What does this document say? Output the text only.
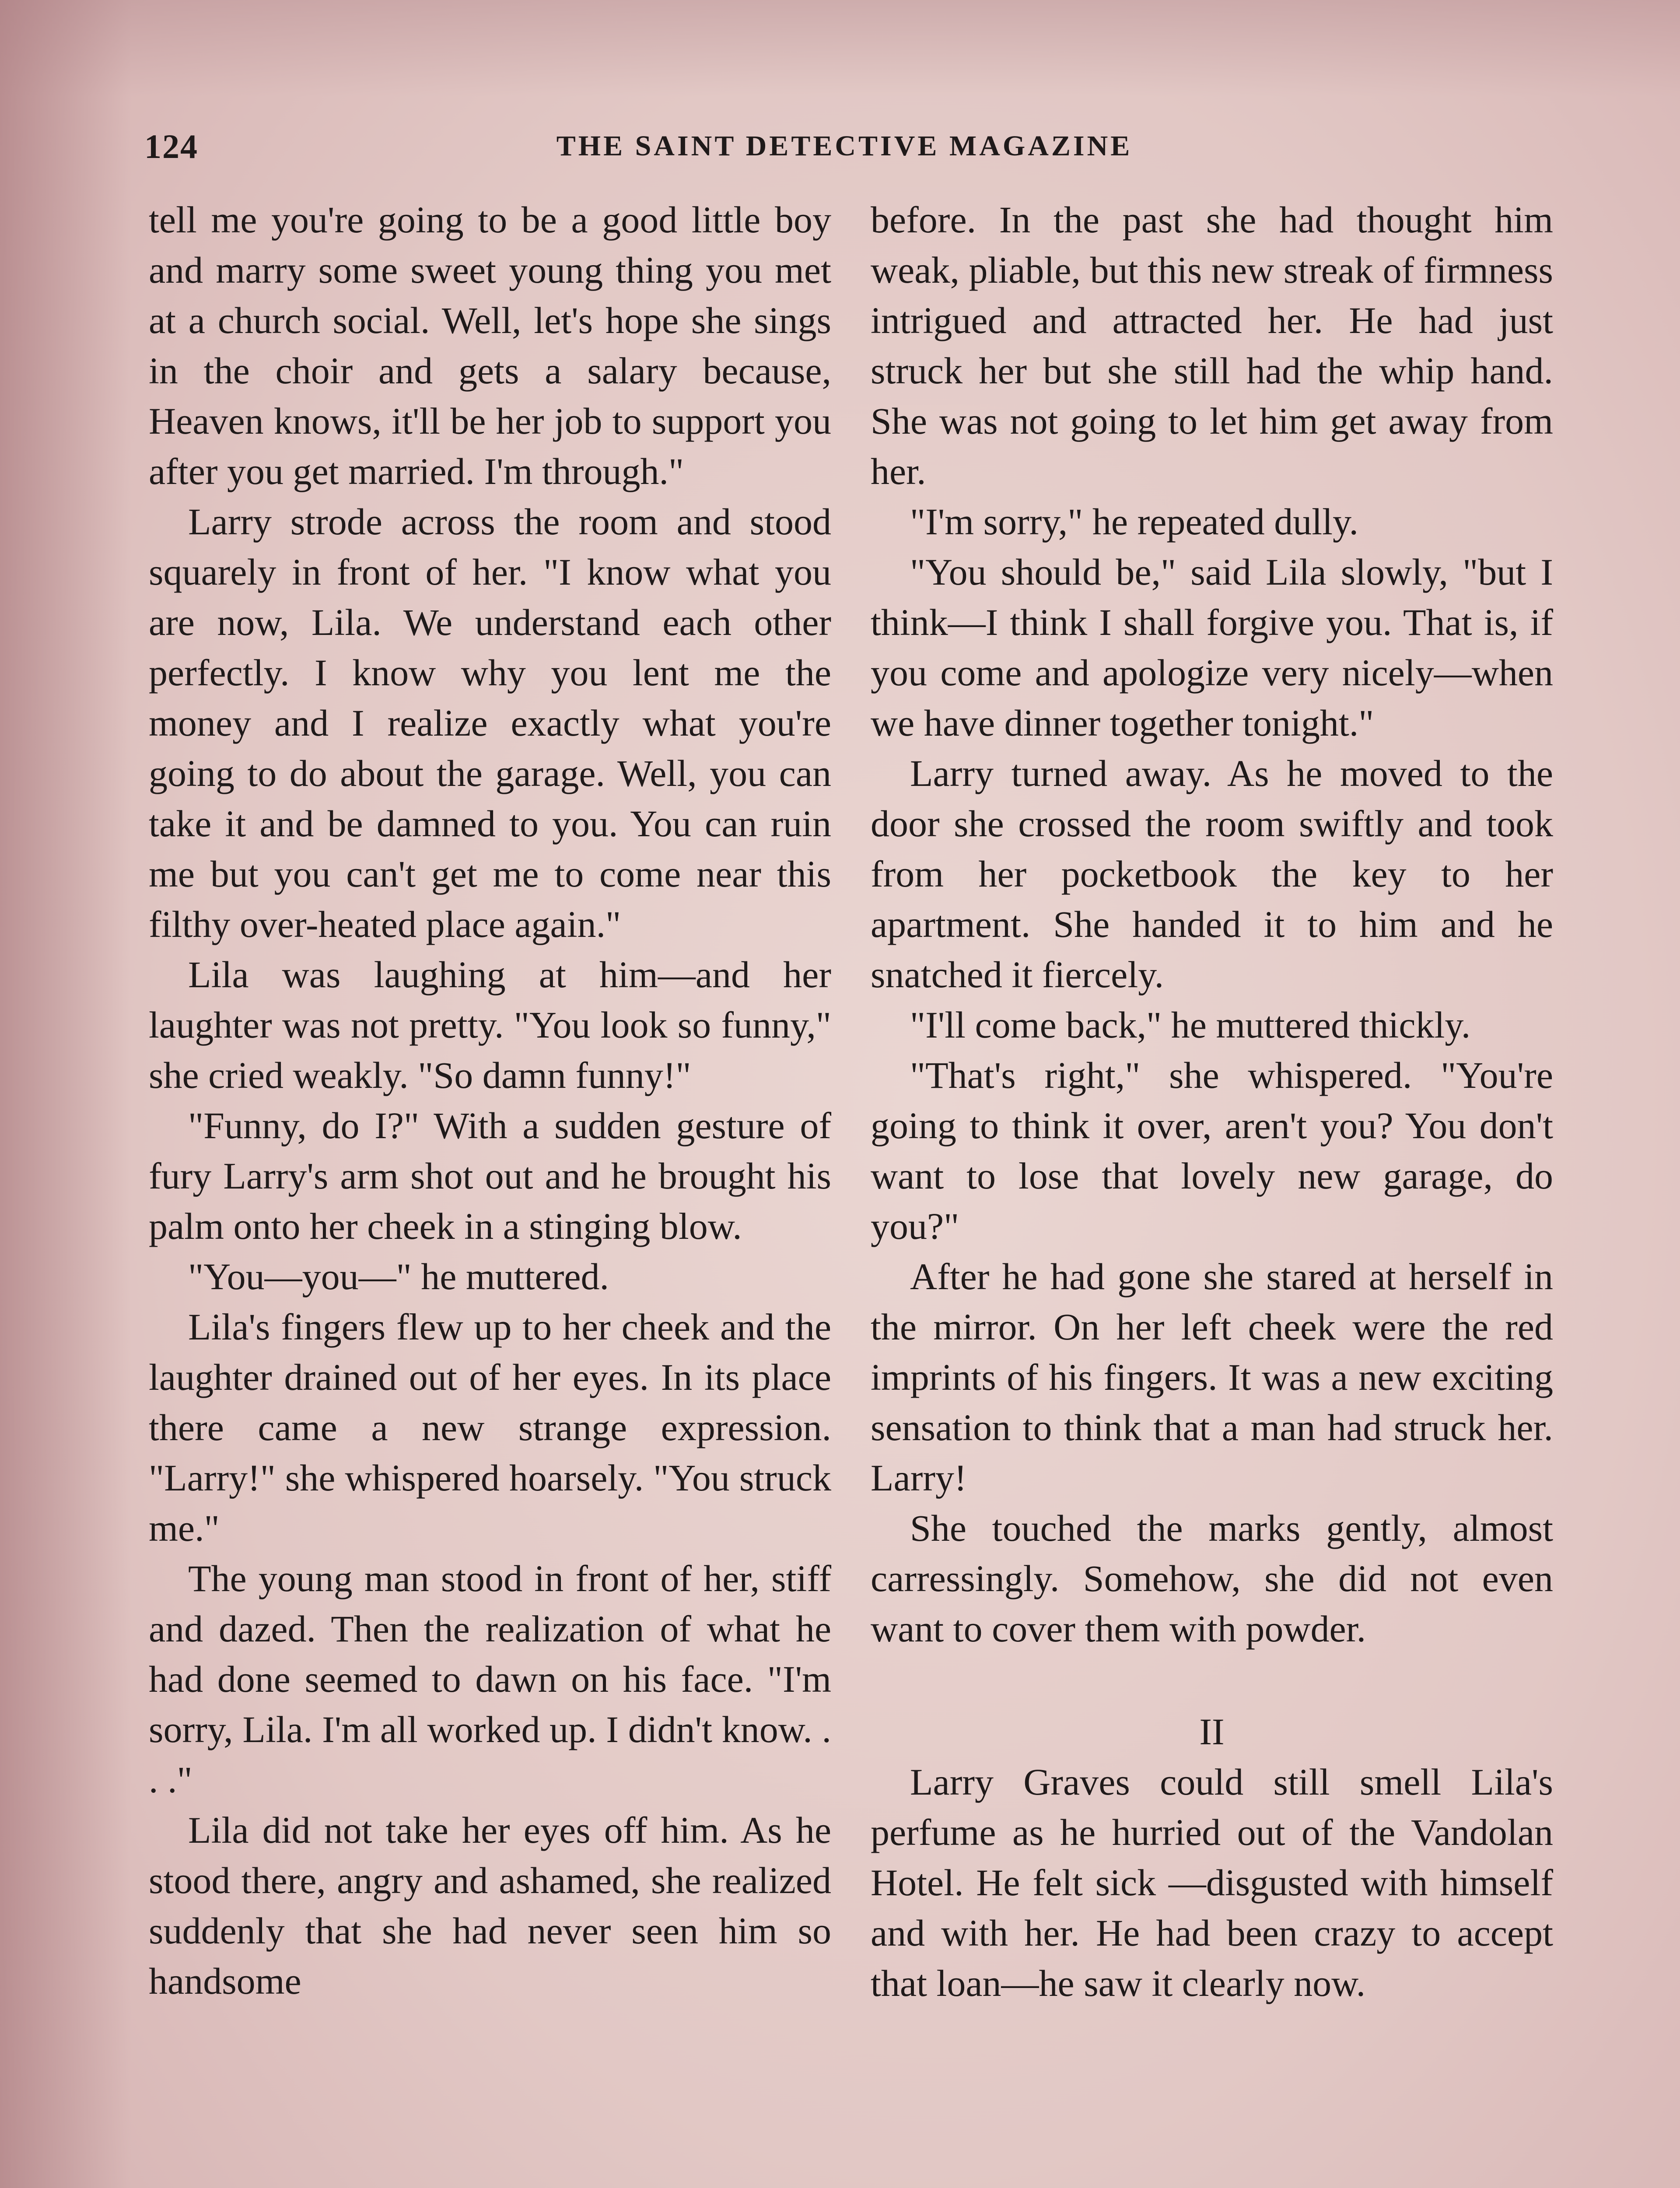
124	THE SAINT DETECTIVE MAGAZINE

tell me you're going to be a good little boy and marry some sweet young thing you met at a church social. Well, let's hope she sings in the choir and gets a salary because, Heaven knows, it'll be her job to support you after you get married. I'm through."

Larry strode across the room and stood squarely in front of her. "I know what you are now, Lila. We understand each other perfectly. I know why you lent me the money and I realize exactly what you're going to do about the garage. Well, you can take it and be damned to you. You can ruin me but you can't get me to come near this filthy over-heated place again."

Lila was laughing at him—and her laughter was not pretty. "You look so funny," she cried weakly. "So damn funny!"

"Funny, do I?" With a sudden gesture of fury Larry's arm shot out and he brought his palm onto her cheek in a stinging blow.

"You—you—" he muttered.

Lila's fingers flew up to her cheek and the laughter drained out of her eyes. In its place there came a new strange expression. "Larry!" she whispered hoarsely. "You struck me."

The young man stood in front of her, stiff and dazed. Then the realization of what he had done seemed to dawn on his face. "I'm sorry, Lila. I'm all worked up. I didn't know. . . ."

Lila did not take her eyes off him. As he stood there, angry and ashamed, she realized suddenly that she had never seen him so handsome

before. In the past she had thought him weak, pliable, but this new streak of firmness intrigued and attracted her. He had just struck her but she still had the whip hand. She was not going to let him get away from her.

"I'm sorry," he repeated dully.

"You should be," said Lila slowly, "but I think—I think I shall forgive you. That is, if you come and apologize very nicely—when we have dinner together tonight."

Larry turned away. As he moved to the door she crossed the room swiftly and took from her pocketbook the key to her apartment. She handed it to him and he snatched it fiercely.

"I'll come back," he muttered thickly.

"That's right," she whispered. "You're going to think it over, aren't you? You don't want to lose that lovely new garage, do you?"

After he had gone she stared at herself in the mirror. On her left cheek were the red imprints of his fingers. It was a new exciting sensation to think that a man had struck her. Larry!

She touched the marks gently, almost carressingly. Somehow, she did not even want to cover them with powder.

II

Larry Graves could still smell Lila's perfume as he hurried out of the Vandolan Hotel. He felt sick —disgusted with himself and with her. He had been crazy to accept that loan—he saw it clearly now.
